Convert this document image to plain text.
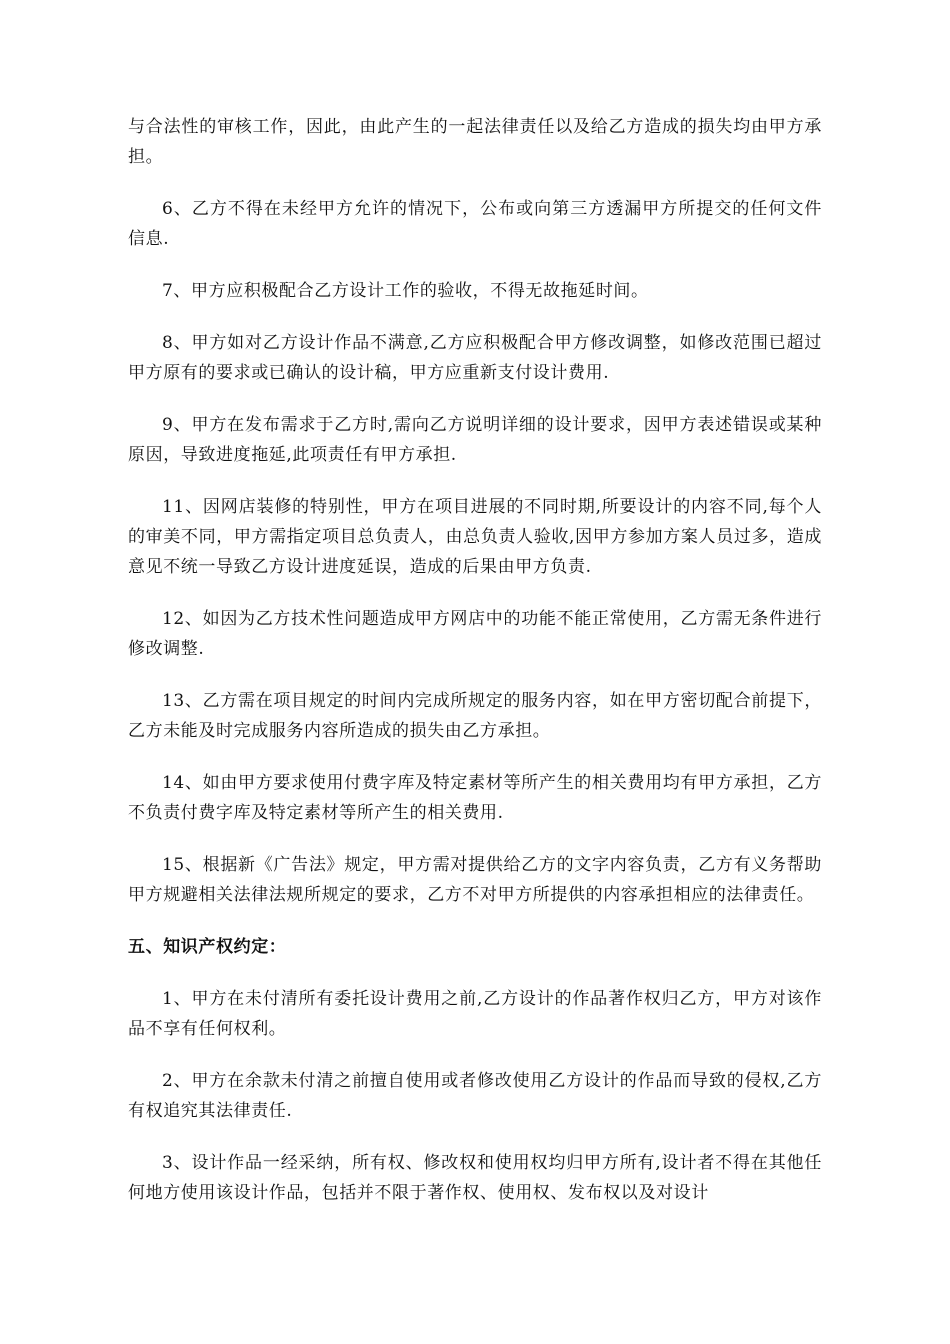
与合法性的审核工作，因此，由此产生的一起法律责任以及给乙方造成的损失均由甲方承担。

6、乙方不得在未经甲方允许的情况下，公布或向第三方透漏甲方所提交的任何文件信息.

7、甲方应积极配合乙方设计工作的验收，不得无故拖延时间。

8、甲方如对乙方设计作品不满意,乙方应积极配合甲方修改调整，如修改范围已超过甲方原有的要求或已确认的设计稿，甲方应重新支付设计费用.

9、甲方在发布需求于乙方时,需向乙方说明详细的设计要求，因甲方表述错误或某种原因，导致进度拖延,此项责任有甲方承担.

11、因网店装修的特别性，甲方在项目进展的不同时期,所要设计的内容不同,每个人的审美不同，甲方需指定项目总负责人，由总负责人验收,因甲方参加方案人员过多，造成意见不统一导致乙方设计进度延误，造成的后果由甲方负责.

12、如因为乙方技术性问题造成甲方网店中的功能不能正常使用，乙方需无条件进行修改调整.

13、乙方需在项目规定的时间内完成所规定的服务内容，如在甲方密切配合前提下，乙方未能及时完成服务内容所造成的损失由乙方承担。

14、如由甲方要求使用付费字库及特定素材等所产生的相关费用均有甲方承担，乙方不负责付费字库及特定素材等所产生的相关费用.

15、根据新《广告法》规定，甲方需对提供给乙方的文字内容负责，乙方有义务帮助甲方规避相关法律法规所规定的要求，乙方不对甲方所提供的内容承担相应的法律责任。

五、知识产权约定：

1、甲方在未付清所有委托设计费用之前,乙方设计的作品著作权归乙方，甲方对该作品不享有任何权利。

2、甲方在余款未付清之前擅自使用或者修改使用乙方设计的作品而导致的侵权,乙方有权追究其法律责任.

3、设计作品一经采纳，所有权、修改权和使用权均归甲方所有,设计者不得在其他任何地方使用该设计作品，包括并不限于著作权、使用权、发布权以及对设计
